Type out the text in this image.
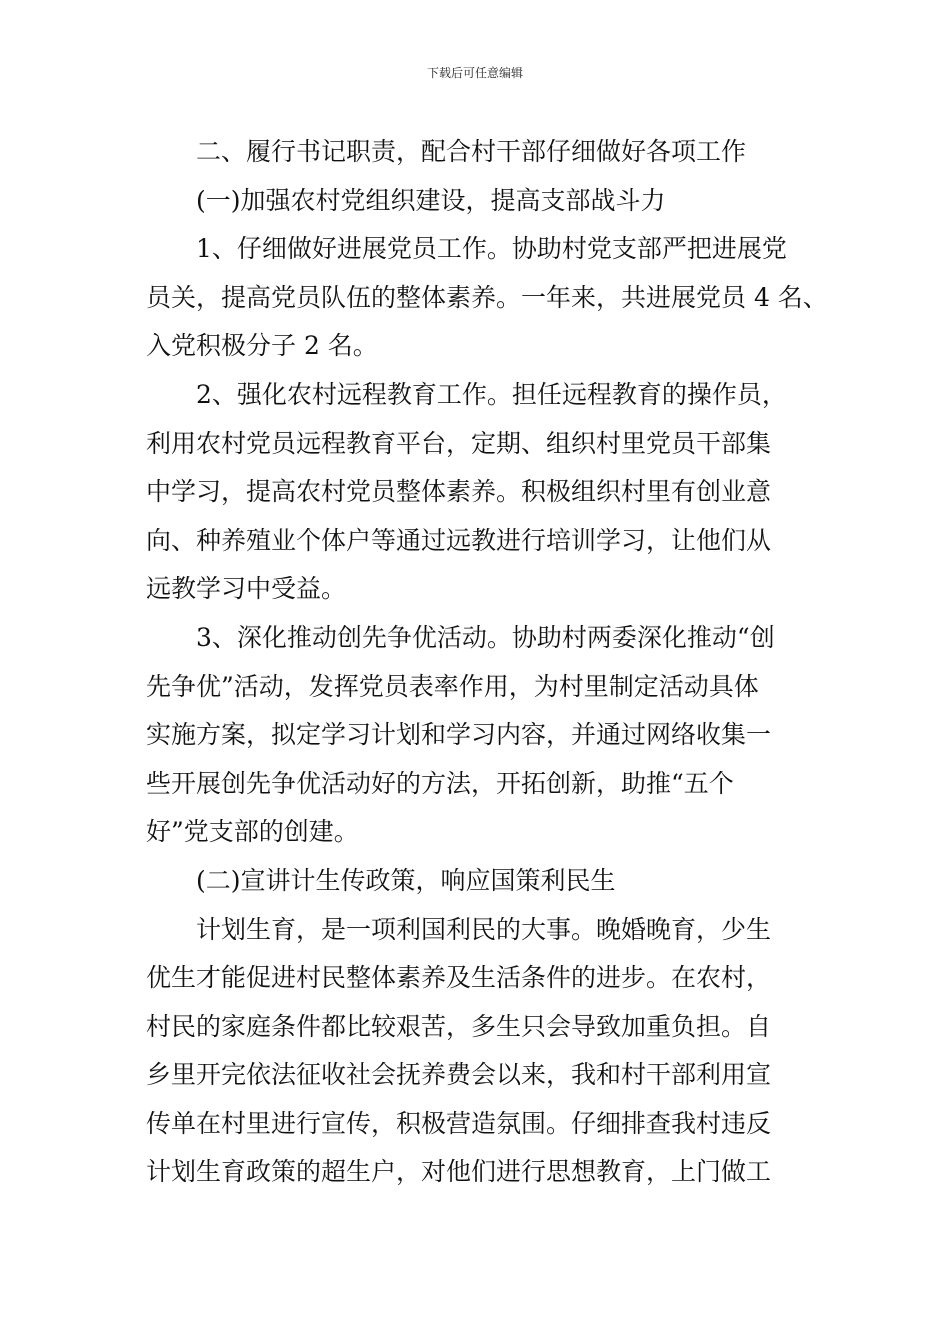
下载后可任意编辑
二、履行书记职责，配合村干部仔细做好各项工作
(一)加强农村党组织建设，提高支部战斗力
1、仔细做好进展党员工作。协助村党支部严把进展党
员关，提高党员队伍的整体素养。一年来，共进展党员 4 名、
入党积极分子 2 名。
2、强化农村远程教育工作。担任远程教育的操作员，
利用农村党员远程教育平台，定期、组织村里党员干部集
中学习，提高农村党员整体素养。积极组织村里有创业意
向、种养殖业个体户等通过远教进行培训学习，让他们从
远教学习中受益。
3、深化推动创先争优活动。协助村两委深化推动“创
先争优”活动，发挥党员表率作用，为村里制定活动具体
实施方案，拟定学习计划和学习内容，并通过网络收集一
些开展创先争优活动好的方法，开拓创新，助推“五个
好”党支部的创建。
(二)宣讲计生传政策，响应国策利民生
计划生育，是一项利国利民的大事。晚婚晚育，少生
优生才能促进村民整体素养及生活条件的进步。在农村，
村民的家庭条件都比较艰苦，多生只会导致加重负担。自
乡里开完依法征收社会抚养费会以来，我和村干部利用宣
传单在村里进行宣传，积极营造氛围。仔细排查我村违反
计划生育政策的超生户，对他们进行思想教育，上门做工
